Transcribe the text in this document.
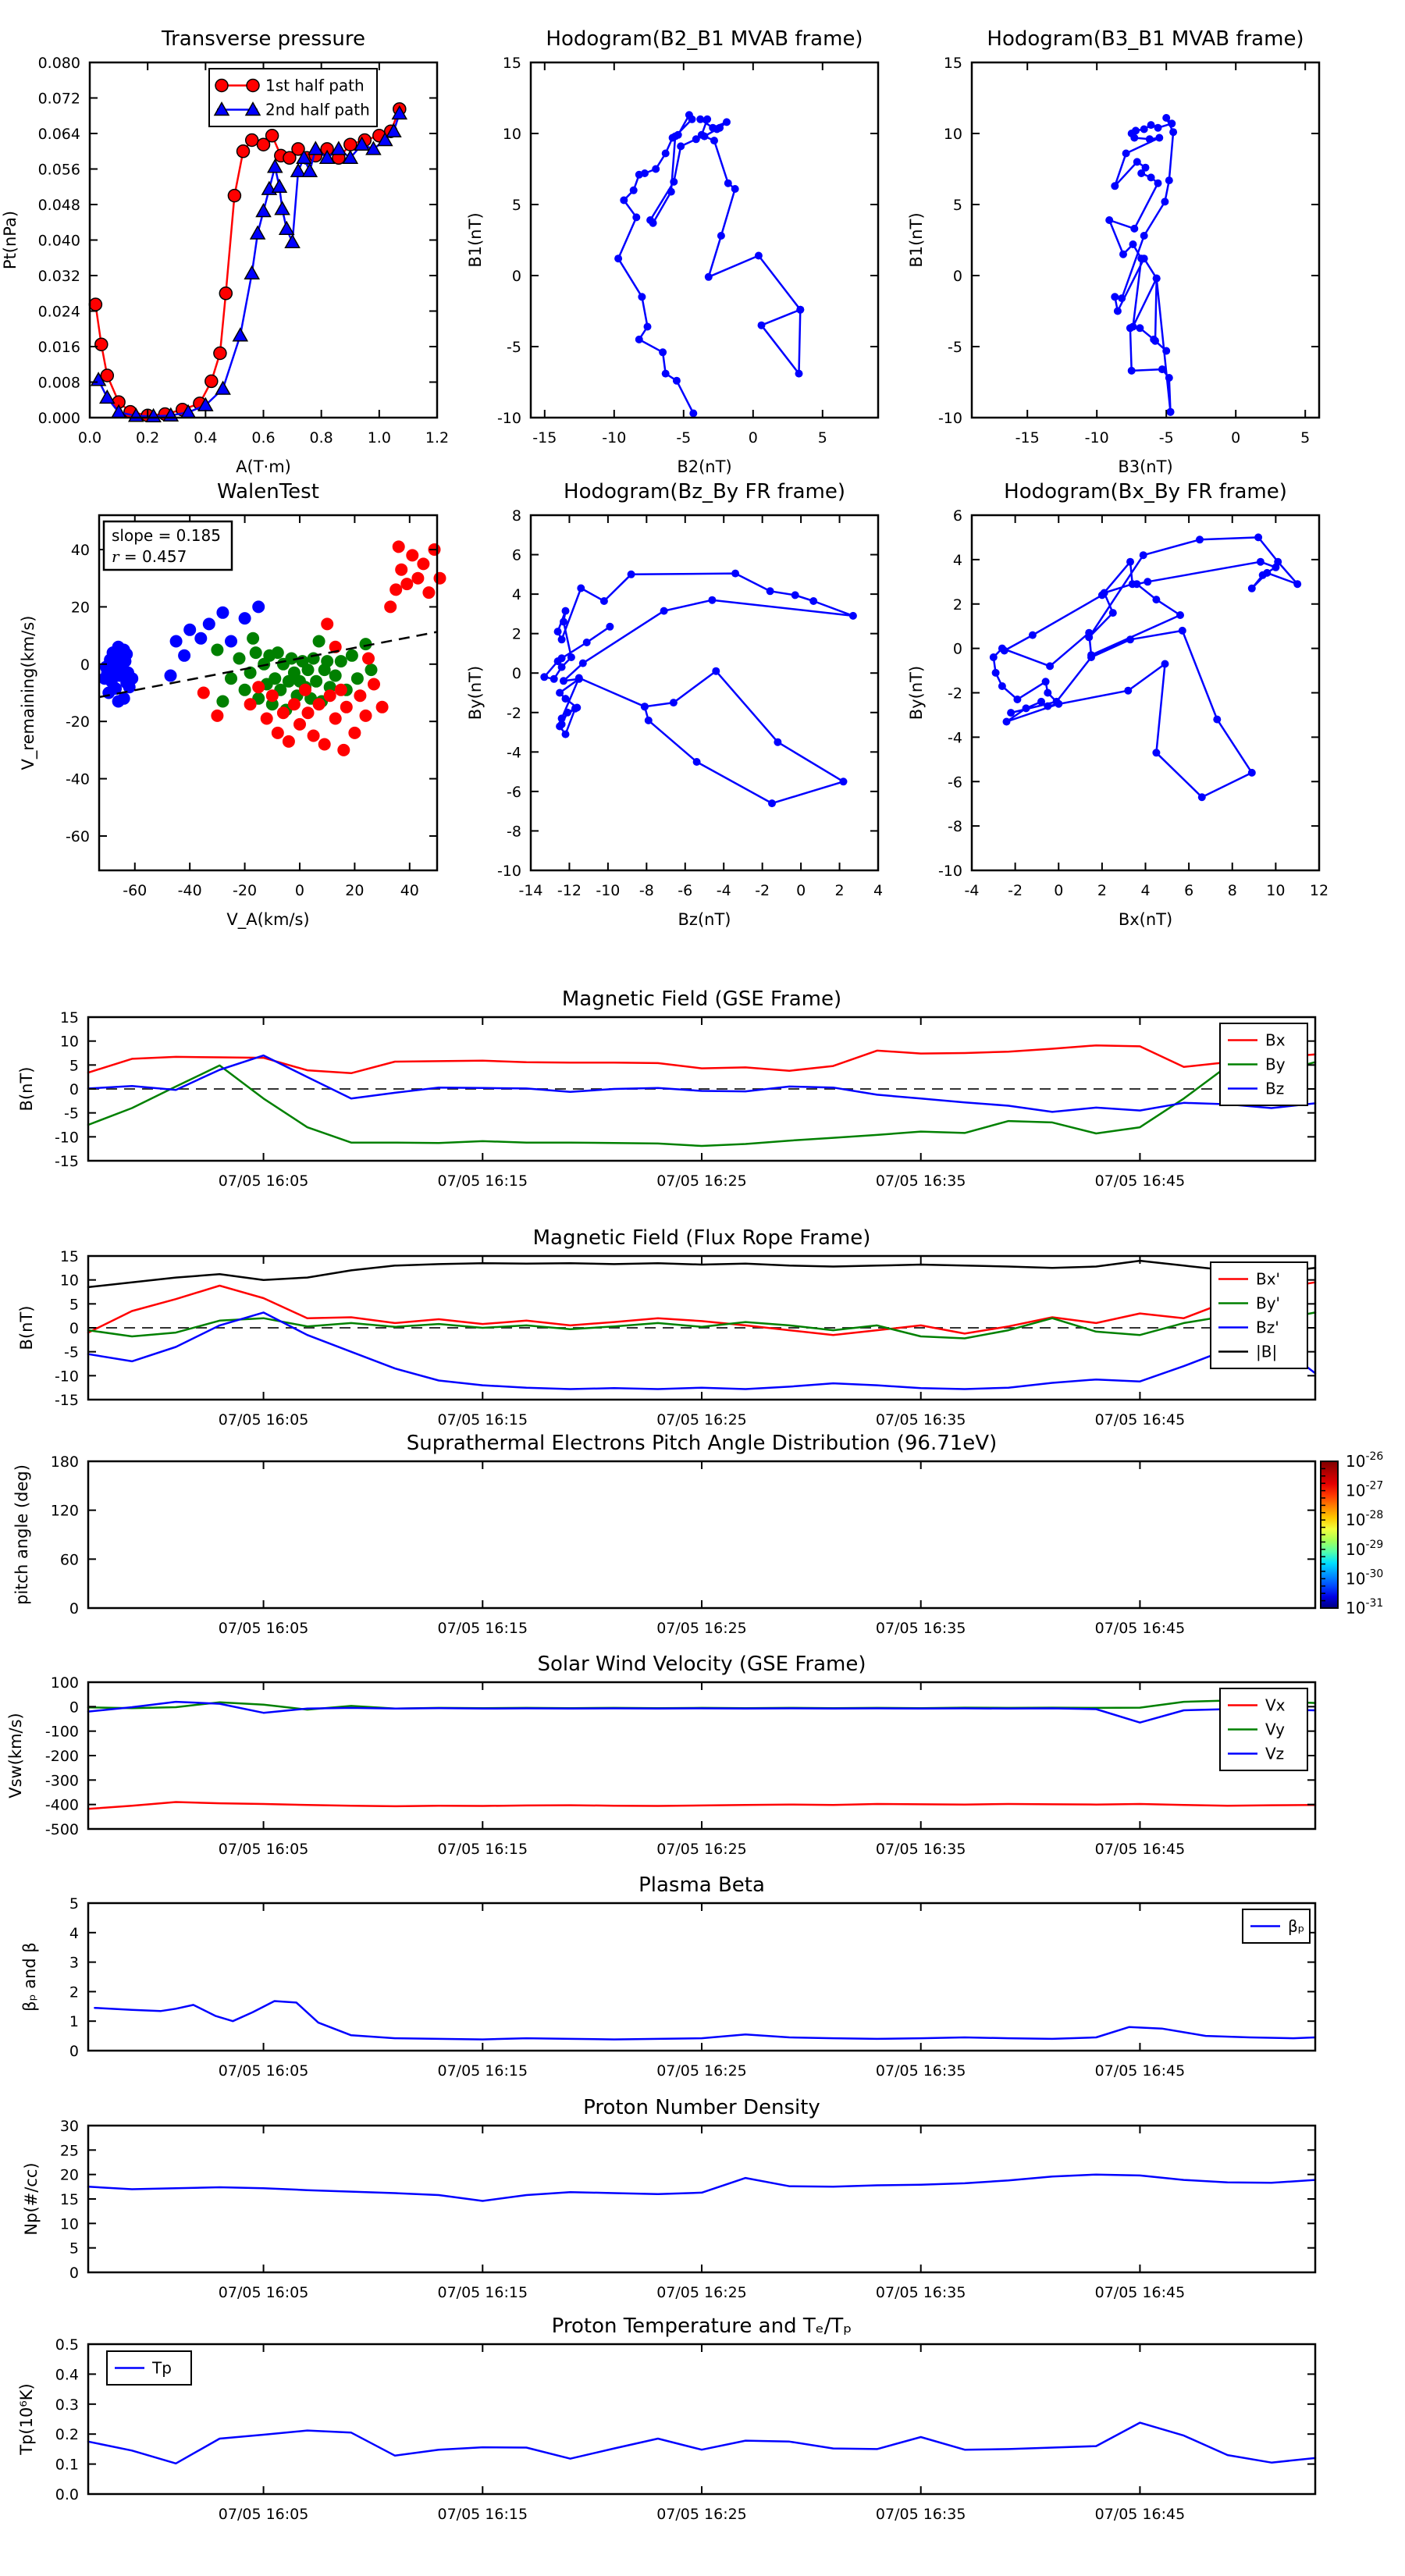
0.0 0.2 0.4 0.6 0.8 1.0 1.2
0.000
0.008
0.016
0.024
0.032
0.040
0.048
0.056
0.064
0.072
0.080
Transverse pressure
A(T·m)
Pt(nPa)
1st half path
2nd half path
-15	-10	-5	0	5
-10
-5
0
5
10
15
Hodogram(B2_B1 MVAB frame)
B2(nT)
B1(nT)
-15	-10	-5	0	5
-10
-5
0
5
10
15
Hodogram(B3_B1 MVAB frame)
B3(nT)
B1(nT)
-60 -40 -20	0	20 40
-60
-40
-20
0
20
40
WalenTest
V_A(km/s)
V_remaining(km/s)
slope = 0.185
r = 0.457
-14 -12 -10 -8 -6 -4 -2 0 2 4
-10
-8
-6
-4
-2
0
2
4
6
8
Hodogram(Bz_By FR frame)
Bz(nT)
By(nT)
-4 -2 0 2 4 6 8 10 12
-10
-8
-6
-4
-2
0
2
4
6
Hodogram(Bx_By FR frame)
Bx(nT)
By(nT)
07/05 16:05	07/05 16:15	07/05 16:25	07/05 16:35	07/05 16:45
-15
-10
-5
0
5
10
15
Magnetic Field (GSE Frame)
B(nT)
Bx
By
Bz
07/05 16:05	07/05 16:15	07/05 16:25	07/05 16:35	07/05 16:45
-15
-10
-5
0
5
10
15
Magnetic Field (Flux Rope Frame)
B(nT)
Bx'
By'
Bz'
|B|
07/05 16:05	07/05 16:15	07/05 16:25	07/05 16:35	07/05 16:45
0
60
120
180
Suprathermal Electrons Pitch Angle Distribution (96.71eV)
pitch angle (deg)
$10^{-26}$
$10^{-27}$
$10^{-28}$
$10^{-29}$
$10^{-30}$
$10^{-31}$
07/05 16:05	07/05 16:15	07/05 16:25	07/05 16:35	07/05 16:45
-500
-400
-300
-200
-100
0
100
Solar Wind Velocity (GSE Frame)
Vsw(km/s)
Vx
Vy
Vz
07/05 16:05	07/05 16:15	07/05 16:25	07/05 16:35	07/05 16:45
0
1
2
3
4
5
Plasma Beta
βₚ and β
βₚ
07/05 16:05	07/05 16:15	07/05 16:25	07/05 16:35	07/05 16:45
0
5
10
15
20
25
30
Proton Number Density
Np(#/cc)
07/05 16:05	07/05 16:15	07/05 16:25	07/05 16:35	07/05 16:45
0.0
0.1
0.2
0.3
0.4
0.5
Proton Temperature and Tₑ/Tₚ
Tp(10⁶K)
Tp
